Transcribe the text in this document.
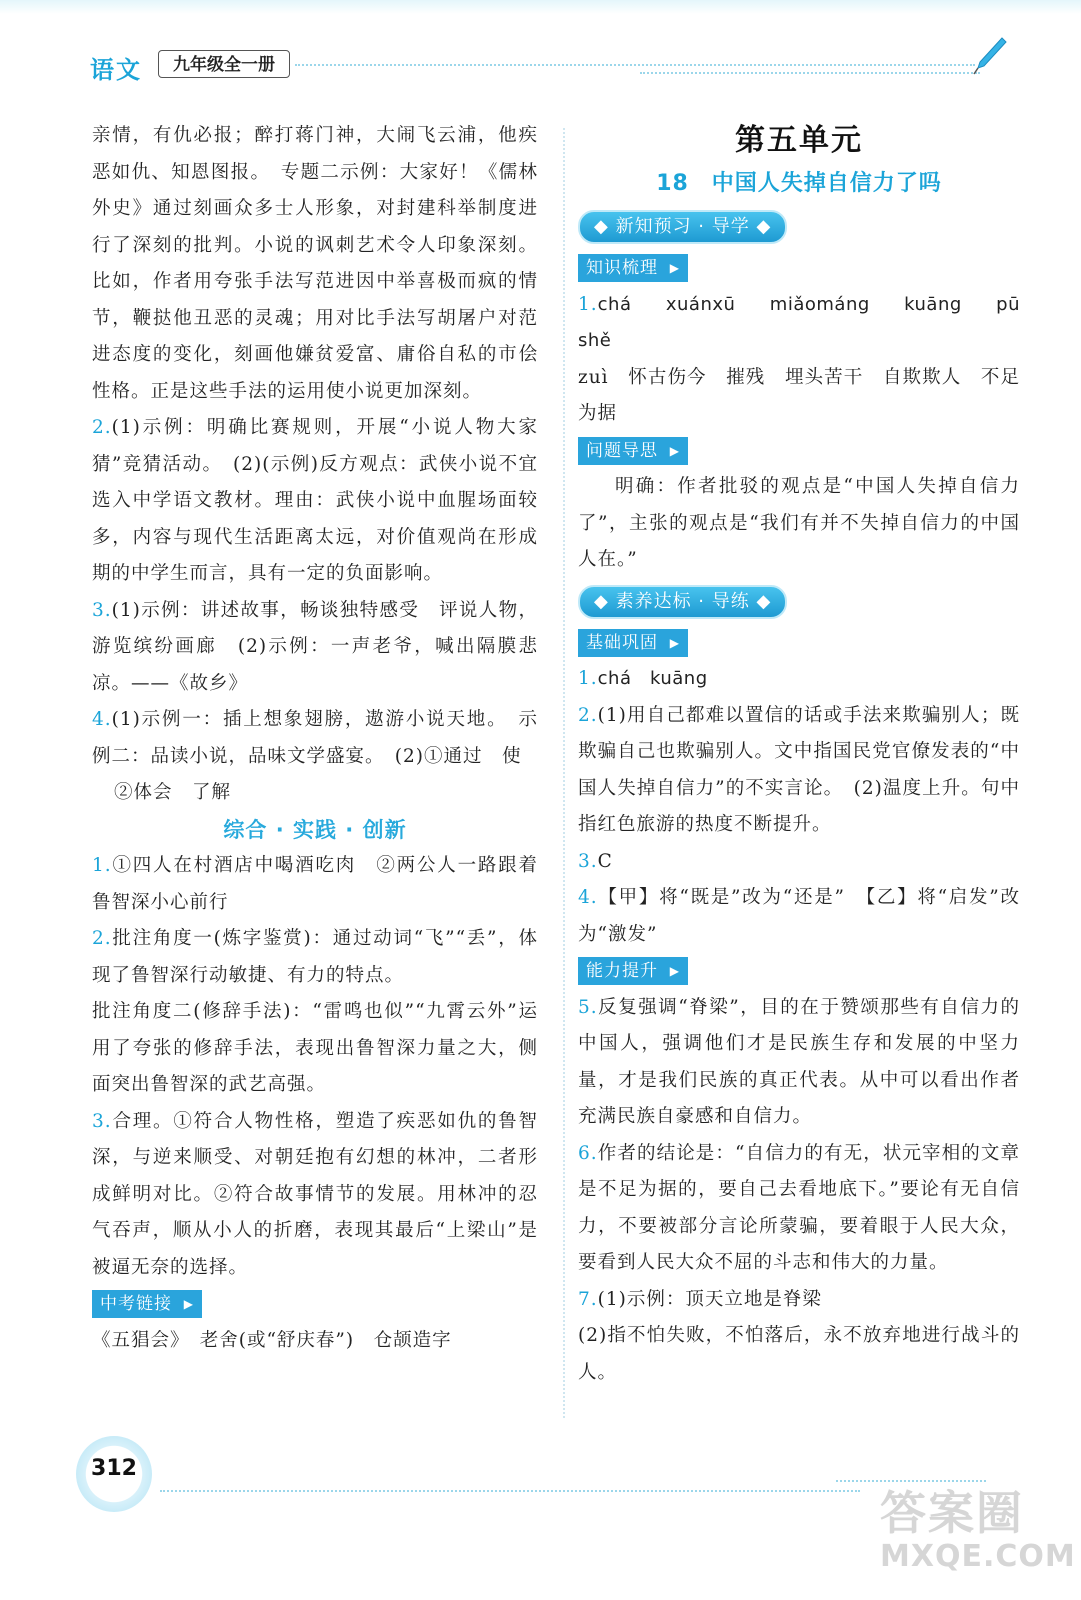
语文	九年级全一册

亲情，有仇必报；醉打蒋门神，大闹飞云浦，他疾恶如仇、知恩图报。　专题二示例：大家好！《儒林外史》通过刻画众多士人形象，对封建科举制度进行了深刻的批判。小说的讽刺艺术令人印象深刻。比如，作者用夸张手法写范进因中举喜极而疯的情节，鞭挞他丑恶的灵魂；用对比手法写胡屠户对范进态度的变化，刻画他嫌贫爱富、庸俗自私的市侩性格。正是这些手法的运用使小说更加深刻。

2.(1)示例：明确比赛规则，开展“小说人物大家猜”竞猜活动。　(2)(示例)反方观点：武侠小说不宜选入中学语文教材。理由：武侠小说中血腥场面较多，内容与现代生活距离太远，对价值观尚在形成期的中学生而言，具有一定的负面影响。

3.(1)示例：讲述故事，畅谈独特感受　评说人物，游览缤纷画廊　(2)示例：一声老爷，喊出隔膜悲凉。——《故乡》

4.(1)示例一：插上想象翅膀，遨游小说天地。　示例二：品读小说，品味文学盛宴。　(2)①通过　使

②体会　了解

综合 · 实践 · 创新

1.①四人在村酒店中喝酒吃肉　②两公人一路跟着鲁智深小心前行

2.批注角度一(炼字鉴赏)：通过动词“飞”“丢”，体现了鲁智深行动敏捷、有力的特点。

批注角度二(修辞手法)：“雷鸣也似”“九霄云外”运用了夸张的修辞手法，表现出鲁智深力量之大，侧面突出鲁智深的武艺高强。

3.合理。①符合人物性格，塑造了疾恶如仇的鲁智深，与逆来顺受、对朝廷抱有幻想的林冲，二者形成鲜明对比。②符合故事情节的发展。用林冲的忍气吞声，顺从小人的折磨，表现其最后“上梁山”是被逼无奈的选择。

中考链接 ▶

《五猖会》　老舍(或“舒庆春”)　仓颉造字

第五单元
18　中国人失掉自信力了吗
◆ 新知预习 · 导学 ◆
知识梳理 ▶

1.chá xuánxū miǎománg kuāng pū shě

zuì　怀古伤今　摧残　埋头苦干　自欺欺人　不足为据

问题导思 ▶

明确：作者批驳的观点是“中国人失掉自信力了”，主张的观点是“我们有并不失掉自信力的中国人在。”

◆ 素养达标 · 导练 ◆
基础巩固 ▶

1.chá　kuāng

2.(1)用自己都难以置信的话或手法来欺骗别人；既欺骗自己也欺骗别人。文中指国民党官僚发表的“中国人失掉自信力”的不实言论。　(2)温度上升。句中指红色旅游的热度不断提升。

3.C

4.【甲】将“既是”改为“还是”　【乙】将“启发”改为“激发”

能力提升 ▶

5.反复强调“脊梁”，目的在于赞颂那些有自信力的中国人，强调他们才是民族生存和发展的中坚力量，才是我们民族的真正代表。从中可以看出作者充满民族自豪感和自信力。

6.作者的结论是：“自信力的有无，状元宰相的文章是不足为据的，要自己去看地底下。”要论有无自信力，不要被部分言论所蒙骗，要着眼于人民大众，要看到人民大众不屈的斗志和伟大的力量。

7.(1)示例：顶天立地是脊梁

(2)指不怕失败，不怕落后，永不放弃地进行战斗的人。

312
答案圈
MXQE.COM
